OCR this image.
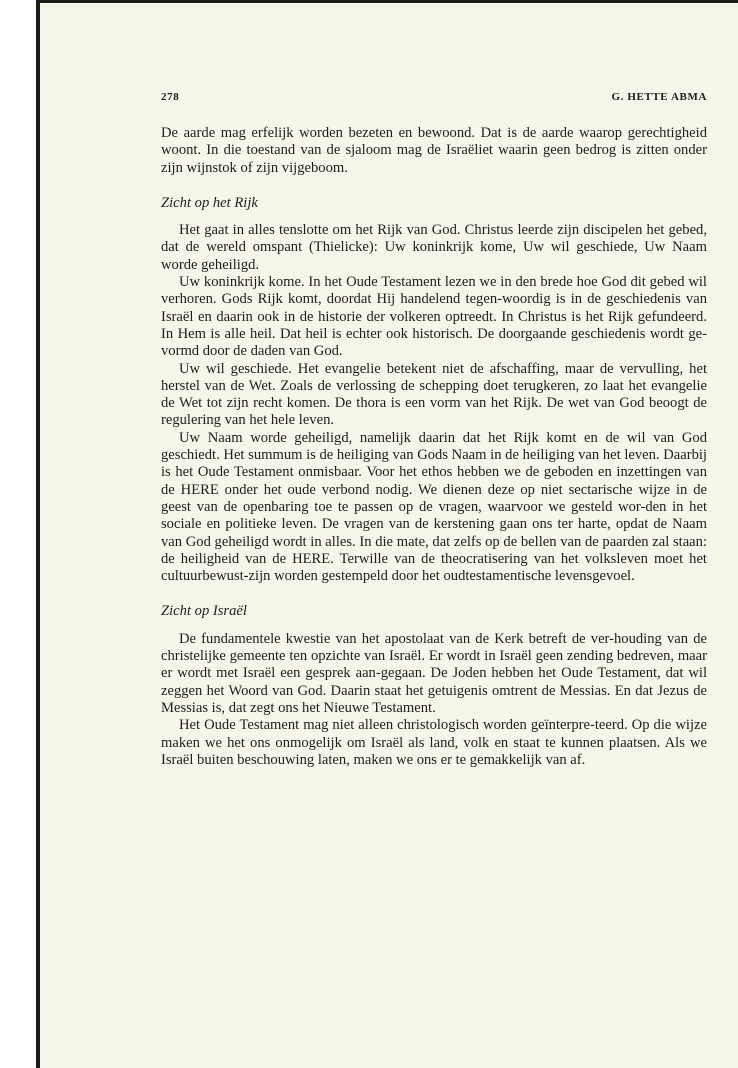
278	G. HETTE ABMA

De aarde mag erfelijk worden bezeten en bewoond. Dat is de aarde waarop gerechtigheid woont. In die toestand van de sjaloom mag de Israëliet waarin geen bedrog is zitten onder zijn wijnstok of zijn vijgeboom.

Zicht op het Rijk

Het gaat in alles tenslotte om het Rijk van God. Christus leerde zijn discipelen het gebed, dat de wereld omspant (Thielicke): Uw koninkrijk kome, Uw wil geschiede, Uw Naam worde geheiligd.

Uw koninkrijk kome. In het Oude Testament lezen we in den brede hoe God dit gebed wil verhoren. Gods Rijk komt, doordat Hij handelend tegen-woordig is in de geschiedenis van Israël en daarin ook in de historie der volkeren optreedt. In Christus is het Rijk gefundeerd. In Hem is alle heil. Dat heil is echter ook historisch. De doorgaande geschiedenis wordt ge-vormd door de daden van God.

Uw wil geschiede. Het evangelie betekent niet de afschaffing, maar de vervulling, het herstel van de Wet. Zoals de verlossing de schepping doet terugkeren, zo laat het evangelie de Wet tot zijn recht komen. De thora is een vorm van het Rijk. De wet van God beoogt de regulering van het hele leven.

Uw Naam worde geheiligd, namelijk daarin dat het Rijk komt en de wil van God geschiedt. Het summum is de heiliging van Gods Naam in de heiliging van het leven. Daarbij is het Oude Testament onmisbaar. Voor het ethos hebben we de geboden en inzettingen van de HERE onder het oude verbond nodig. We dienen deze op niet sectarische wijze in de geest van de openbaring toe te passen op de vragen, waarvoor we gesteld wor-den in het sociale en politieke leven. De vragen van de kerstening gaan ons ter harte, opdat de Naam van God geheiligd wordt in alles. In die mate, dat zelfs op de bellen van de paarden zal staan: de heiligheid van de HERE. Terwille van de theocratisering van het volksleven moet het cultuurbewust-zijn worden gestempeld door het oudtestamentische levensgevoel.

Zicht op Israël

De fundamentele kwestie van het apostolaat van de Kerk betreft de ver-houding van de christelijke gemeente ten opzichte van Israël. Er wordt in Israël geen zending bedreven, maar er wordt met Israël een gesprek aan-gegaan. De Joden hebben het Oude Testament, dat wil zeggen het Woord van God. Daarin staat het getuigenis omtrent de Messias. En dat Jezus de Messias is, dat zegt ons het Nieuwe Testament.

Het Oude Testament mag niet alleen christologisch worden geïnterpre-teerd. Op die wijze maken we het ons onmogelijk om Israël als land, volk en staat te kunnen plaatsen. Als we Israël buiten beschouwing laten, maken we ons er te gemakkelijk van af.
